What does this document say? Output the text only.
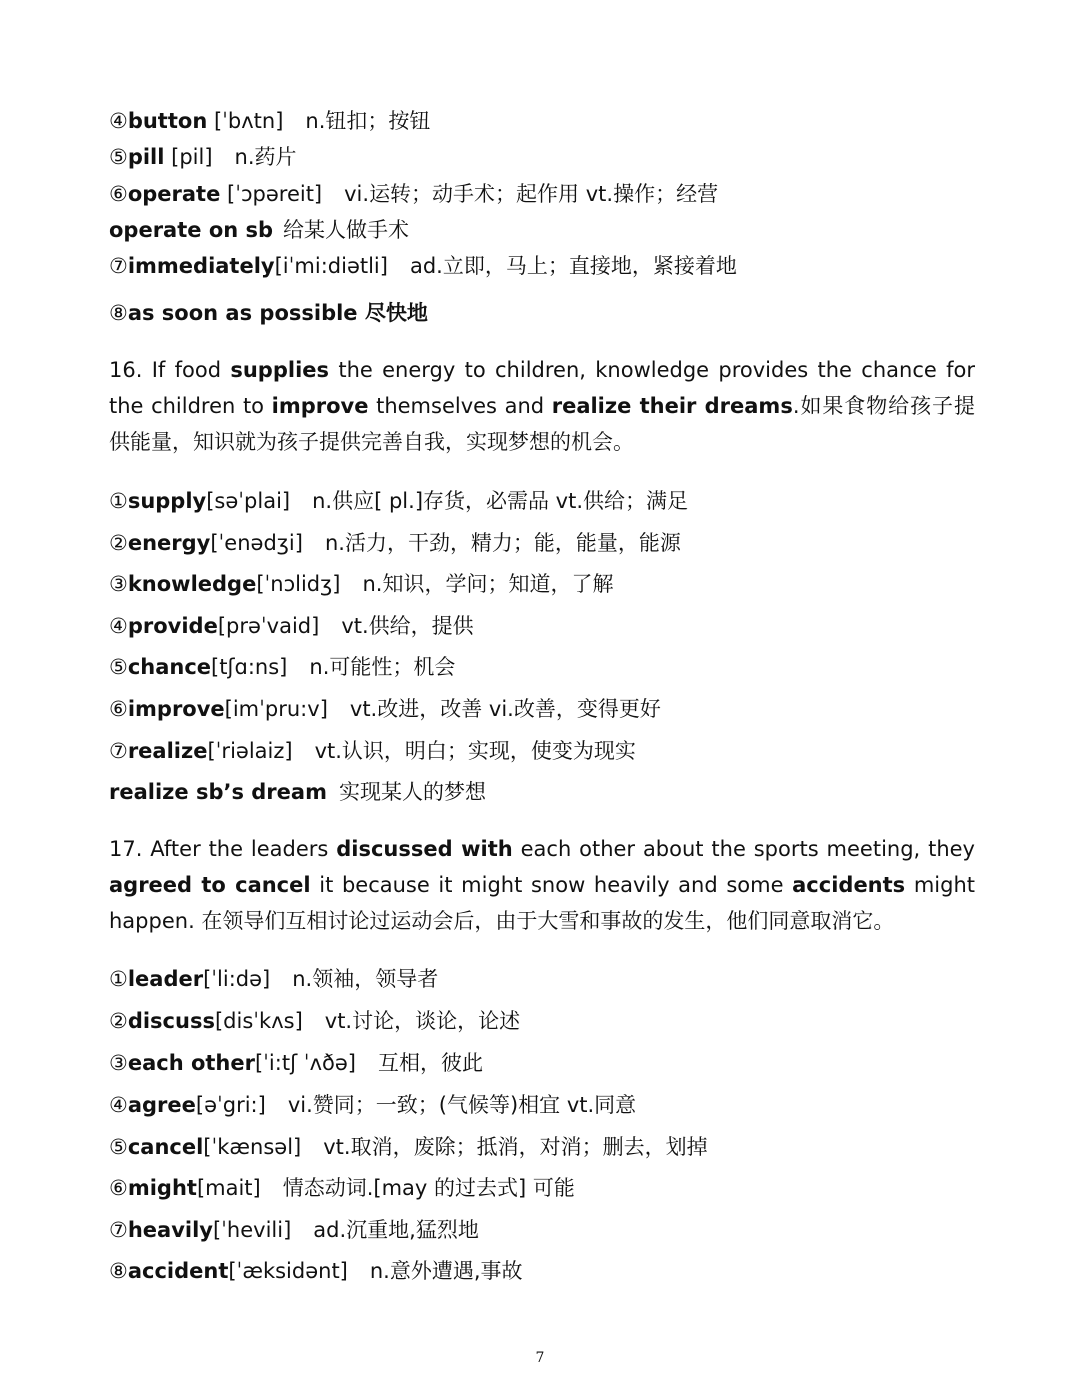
④button [ˈbʌtn] n.钮扣；按钮
⑤pill [pil] n.药片
⑥operate [ˈɔpəreit] vi.运转；动手术；起作用 vt.操作；经营
operate on sb 给某人做手术
⑦immediately[iˈmi:diətli] ad.立即，马上；直接地，紧接着地
⑧as soon as possible 尽快地
16. If food supplies the energy to children, knowledge provides the chance for the children to improve themselves and realize their dreams.如果食物给孩子提供能量，知识就为孩子提供完善自我，实现梦想的机会。
①supply[səˈplai] n.供应[ pl.]存货，必需品 vt.供给；满足
②energy[ˈenədʒi] n.活力，干劲，精力；能，能量，能源
③knowledge[ˈnɔlidʒ] n.知识，学问；知道，了解
④provide[prəˈvaid] vt.供给，提供
⑤chance[tʃɑ:ns] n.可能性；机会
⑥improve[imˈpru:v] vt.改进，改善 vi.改善，变得更好
⑦realize[ˈriəlaiz] vt.认识，明白；实现，使变为现实
realize sb’s dream 实现某人的梦想
17. After the leaders discussed with each other about the sports meeting, they agreed to cancel it because it might snow heavily and some accidents might happen. 在领导们互相讨论过运动会后，由于大雪和事故的发生，他们同意取消它。
①leader[ˈli:də] n.领袖，领导者
②discuss[disˈkʌs] vt.讨论，谈论，论述
③each other[ˈi:tʃ ˈʌðə] 互相，彼此
④agree[əˈgri:] vi.赞同；一致；(气候等)相宜 vt.同意
⑤cancel[ˈkænsəl] vt.取消，废除；抵消，对消；删去，划掉
⑥might[mait] 情态动词.[may 的过去式] 可能
⑦heavily[ˈhevili] ad.沉重地,猛烈地
⑧accident[ˈæksidənt] n.意外遭遇,事故
7
